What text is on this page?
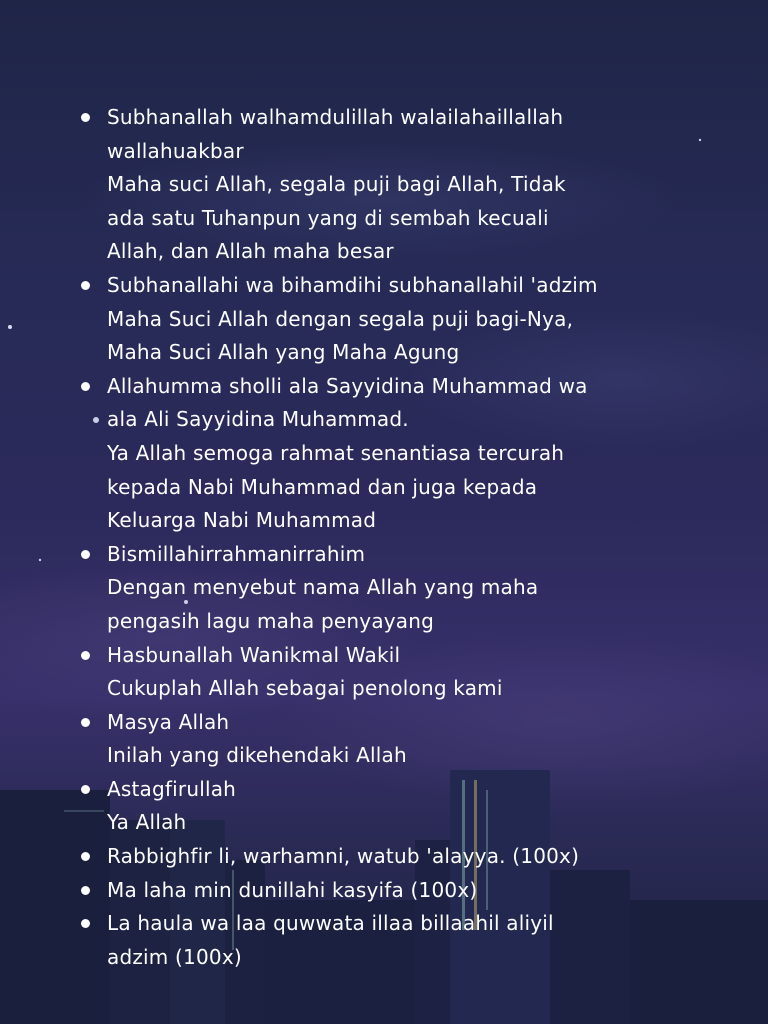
Subhanallah walhamdulillah walailahaillallah
wallahuakbar
Maha suci Allah, segala puji bagi Allah, Tidak
ada satu Tuhanpun yang di sembah kecuali
Allah, dan Allah maha besar
Subhanallahi wa bihamdihi subhanallahil 'adzim
Maha Suci Allah dengan segala puji bagi-Nya,
Maha Suci Allah yang Maha Agung
Allahumma sholli ala Sayyidina Muhammad wa
ala Ali Sayyidina Muhammad.
Ya Allah semoga rahmat senantiasa tercurah
kepada Nabi Muhammad dan juga kepada
Keluarga Nabi Muhammad
Bismillahirrahmanirrahim
Dengan menyebut nama Allah yang maha
pengasih lagu maha penyayang
Hasbunallah Wanikmal Wakil
Cukuplah Allah sebagai penolong kami
Masya Allah
Inilah yang dikehendaki Allah
Astagfirullah
Ya Allah
Rabbighfir li, warhamni, watub 'alayya. (100x)
Ma laha min dunillahi kasyifa (100x)
La haula wa laa quwwata illaa billaahil aliyil
adzim (100x)
